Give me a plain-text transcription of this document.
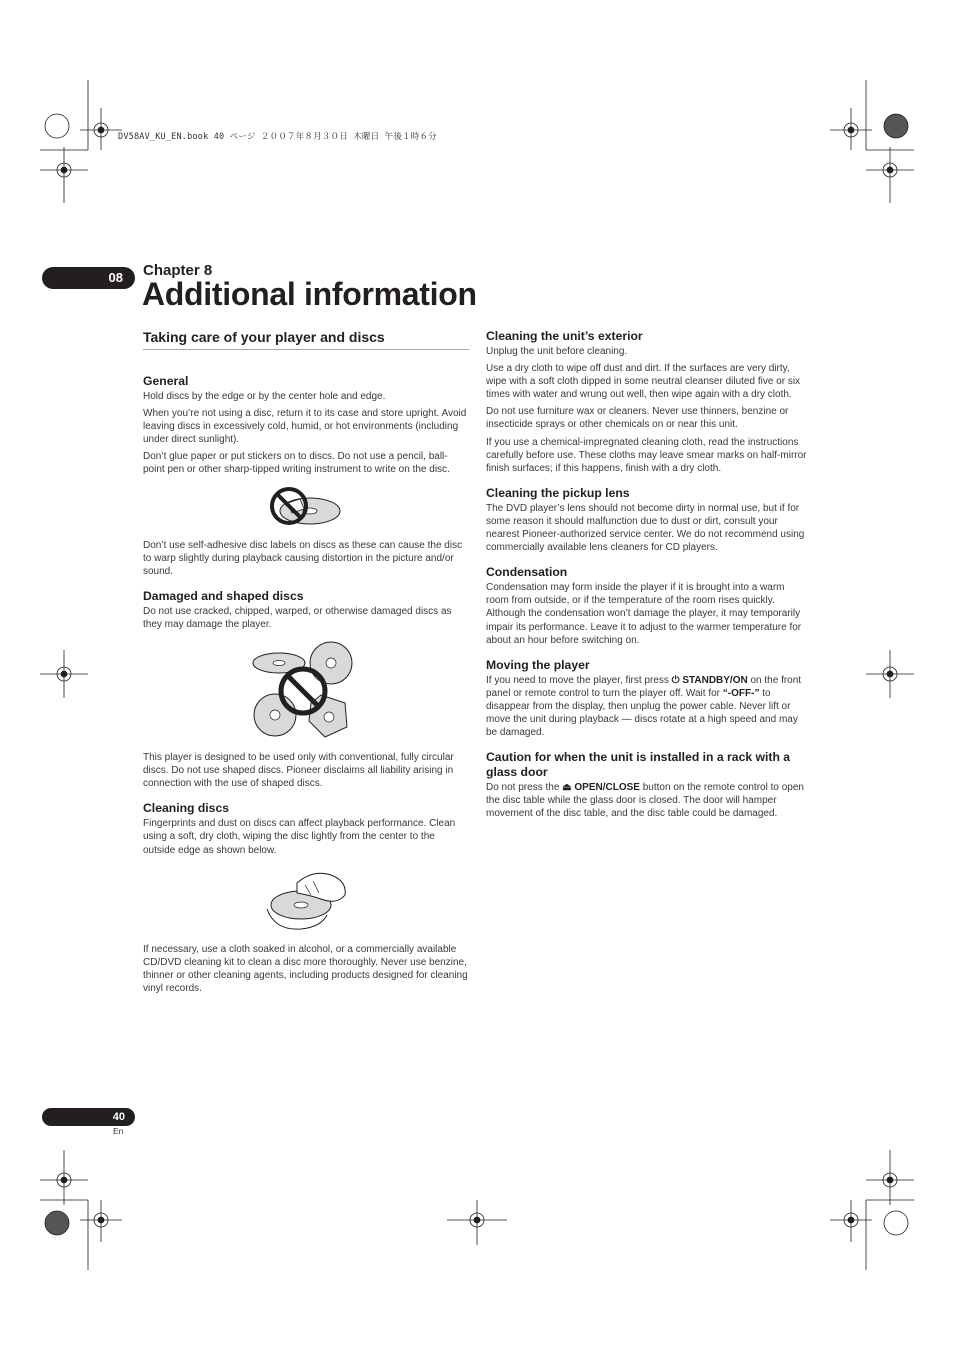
DV58AV_KU_EN.book 40 ページ ２００７年８月３０日 木曜日 午後１時６分
08	Chapter 8
Additional information
Taking care of your player and discs
General

Hold discs by the edge or by the center hole and edge.

When you’re not using a disc, return it to its case and store upright. Avoid leaving discs in excessively cold, humid, or hot environments (including under direct sunlight).

Don’t glue paper or put stickers on to discs. Do not use a pencil, ball-point pen or other sharp-tipped writing instrument to write on the disc.

Don’t use self-adhesive disc labels on discs as these can cause the disc to warp slightly during playback causing distortion in the picture and/or sound.

Damaged and shaped discs

Do not use cracked, chipped, warped, or otherwise damaged discs as they may damage the player.

This player is designed to be used only with conventional, fully circular discs. Do not use shaped discs. Pioneer disclaims all liability arising in connection with the use of shaped discs.

Cleaning discs

Fingerprints and dust on discs can affect playback performance. Clean using a soft, dry cloth, wiping the disc lightly from the center to the outside edge as shown below.

If necessary, use a cloth soaked in alcohol, or a commercially available CD/DVD cleaning kit to clean a disc more thoroughly. Never use benzine, thinner or other cleaning agents, including products designed for cleaning vinyl records.

Cleaning the unit’s exterior

Unplug the unit before cleaning.

Use a dry cloth to wipe off dust and dirt. If the surfaces are very dirty, wipe with a soft cloth dipped in some neutral cleanser diluted five or six times with water and wrung out well, then wipe again with a dry cloth.

Do not use furniture wax or cleaners. Never use thinners, benzine or insecticide sprays or other chemicals on or near this unit.

If you use a chemical-impregnated cleaning cloth, read the instructions carefully before use. These cloths may leave smear marks on half-mirror finish surfaces; if this happens, finish with a dry cloth.

Cleaning the pickup lens

The DVD player’s lens should not become dirty in normal use, but if for some reason it should malfunction due to dust or dirt, consult your nearest Pioneer-authorized service center. We do not recommend using commercially available lens cleaners for CD players.

Condensation

Condensation may form inside the player if it is brought into a warm room from outside, or if the temperature of the room rises quickly. Although the condensation won’t damage the player, it may temporarily impair its performance. Leave it to adjust to the warmer temperature for about an hour before switching on.

Moving the player

If you need to move the player, first press ⏻ STANDBY/ON on the front panel or remote control to turn the player off. Wait for “-OFF-” to disappear from the display, then unplug the power cable. Never lift or move the unit during playback — discs rotate at a high speed and may be damaged.

Caution for when the unit is installed in a rack with a glass door

Do not press the ⏏ OPEN/CLOSE button on the remote control to open the disc table while the glass door is closed. The door will hamper movement of the disc table, and the disc table could be damaged.

40
En
